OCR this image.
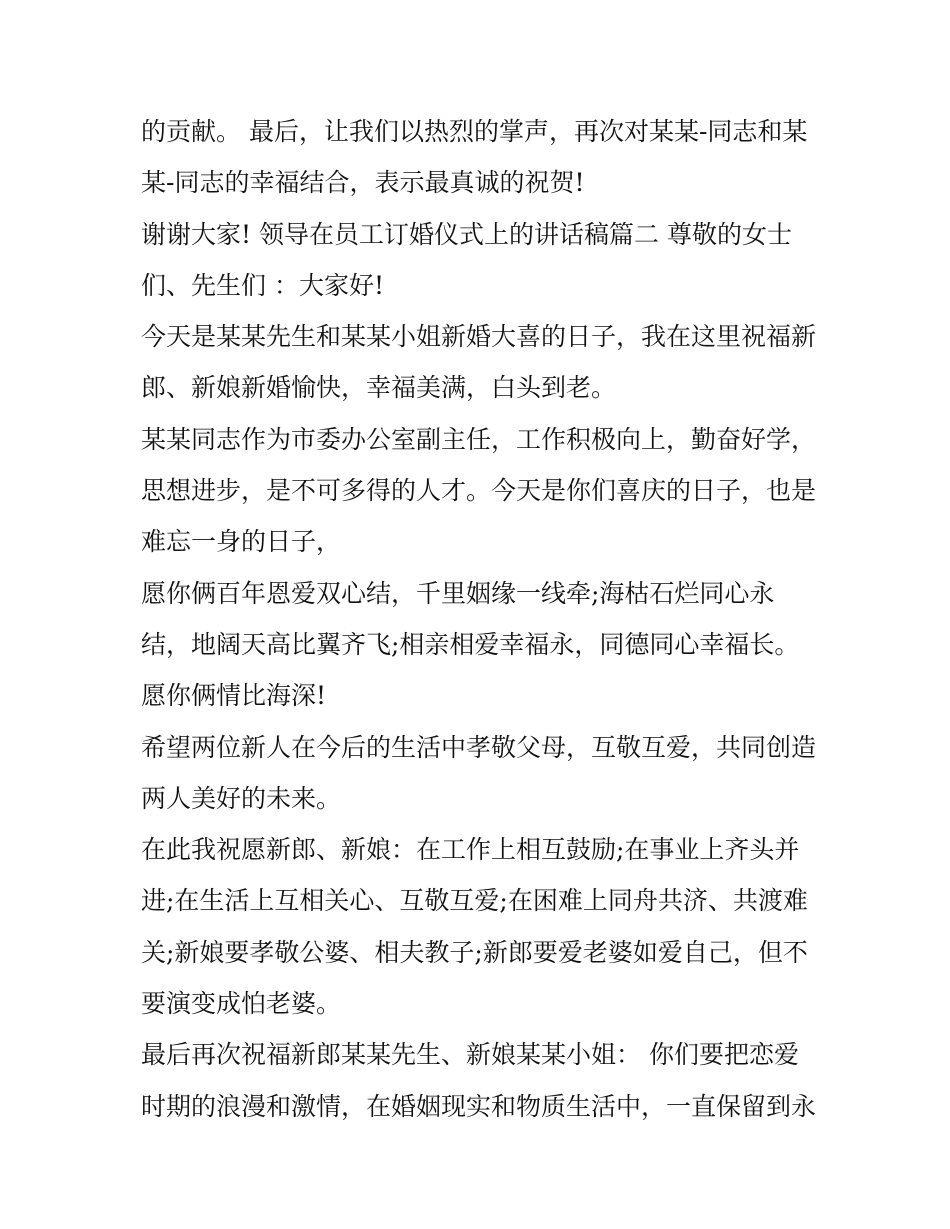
的贡献。 最后，让我们以热烈的掌声，再次对某某-同志和某
某-同志的幸福结合，表示最真诚的祝贺!
谢谢大家! 领导在员工订婚仪式上的讲话稿篇二 尊敬的女士
们、先生们 ：大家好!
今天是某某先生和某某小姐新婚大喜的日子，我在这里祝福新
郎、新娘新婚愉快，幸福美满，白头到老。
某某同志作为市委办公室副主任，工作积极向上，勤奋好学，
思想进步，是不可多得的人才。今天是你们喜庆的日子，也是
难忘一身的日子，
愿你俩百年恩爱双心结，千里姻缘一线牵;海枯石烂同心永
结，地阔天高比翼齐飞;相亲相爱幸福永，同德同心幸福长。
愿你俩情比海深!
希望两位新人在今后的生活中孝敬父母，互敬互爱，共同创造
两人美好的未来。
在此我祝愿新郎、新娘：在工作上相互鼓励;在事业上齐头并
进;在生活上互相关心、互敬互爱;在困难上同舟共济、共渡难
关;新娘要孝敬公婆、相夫教子;新郎要爱老婆如爱自己，但不
要演变成怕老婆。
最后再次祝福新郎某某先生、新娘某某小姐： 你们要把恋爱
时期的浪漫和激情，在婚姻现实和物质生活中，一直保留到永
